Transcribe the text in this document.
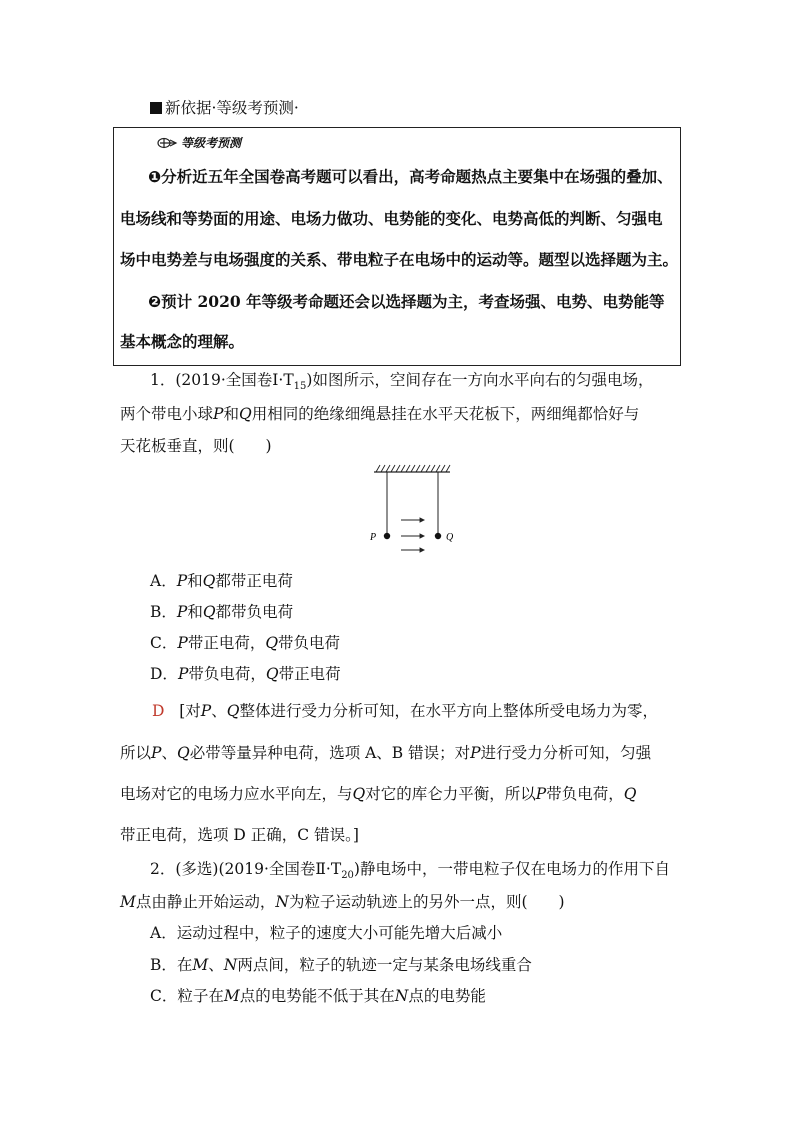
新依据·等级考预测·
等级考预测
❶分析近五年全国卷高考题可以看出，高考命题热点主要集中在场强的叠加、
电场线和等势面的用途、电场力做功、电势能的变化、电势高低的判断、匀强电
场中电势差与电场强度的关系、带电粒子在电场中的运动等。题型以选择题为主。
❷预计 2020 年等级考命题还会以选择题为主，考查场强、电势、电势能等
基本概念的理解。
1．(2019·全国卷$Ⅰ\cdot T_{15}$)如图所示，空间存在一方向水平向右的匀强电场，
两个带电小球P和Q用相同的绝缘细绳悬挂在水平天花板下，两细绳都恰好与
天花板垂直，则(　　)
P	Q
A．P和Q都带正电荷
B．P和Q都带负电荷
C．P带正电荷，Q带负电荷
D．P带负电荷，Q带正电荷
D [对P、Q整体进行受力分析可知，在水平方向上整体所受电场力为零，
所以P、Q必带等量异种电荷，选项 A、B 错误；对P进行受力分析可知，匀强
电场对它的电场力应水平向左，与Q对它的库仑力平衡，所以P带负电荷，Q
带正电荷，选项 D 正确，C 错误。]
2．(多选)(2019·全国卷$Ⅱ\cdot T_{20}$)静电场中，一带电粒子仅在电场力的作用下自
M点由静止开始运动，N为粒子运动轨迹上的另外一点，则(　　)
A．运动过程中，粒子的速度大小可能先增大后减小
B．在M、N两点间，粒子的轨迹一定与某条电场线重合
C．粒子在M点的电势能不低于其在N点的电势能
